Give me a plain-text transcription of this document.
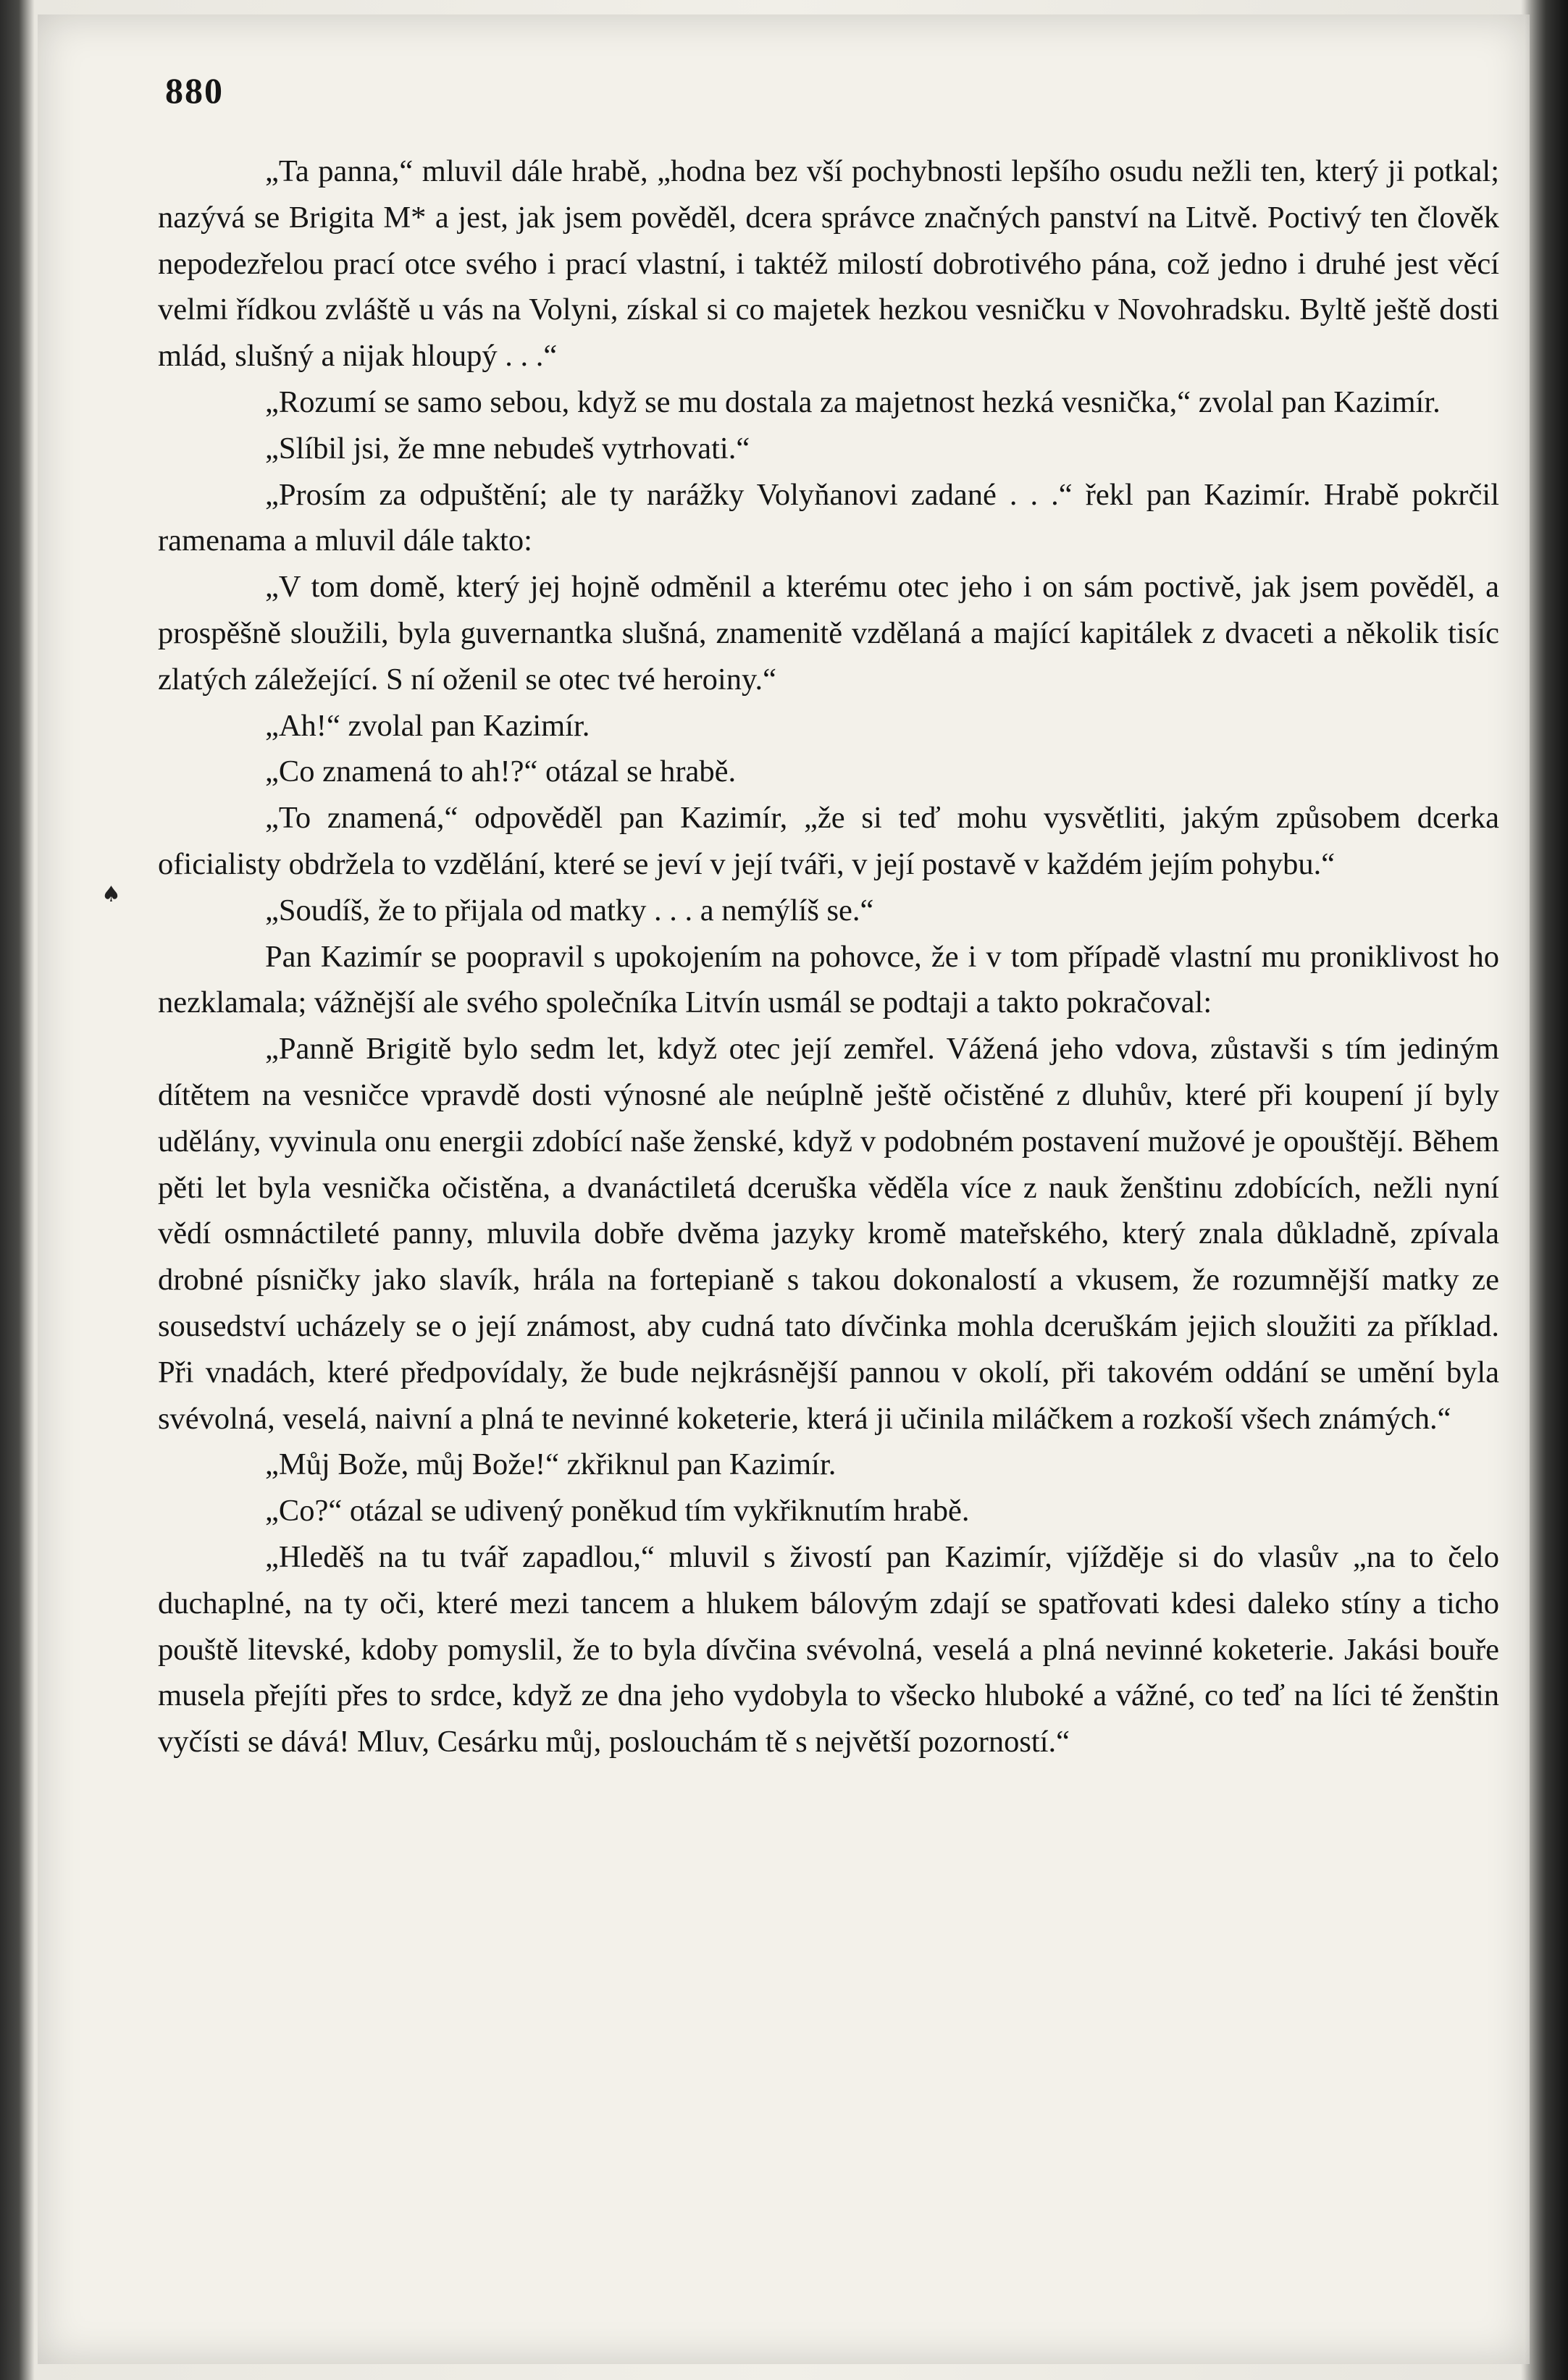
880
♠

„Ta panna,“ mluvil dále hrabě, „hodna bez vší pochybnosti lepšího osudu nežli ten, který ji potkal; nazývá se Brigita M* a jest, jak jsem pověděl, dcera správce značných panství na Litvě. Poctivý ten člověk nepodezřelou prací otce svého i prací vlastní, i taktéž milostí dobrotivého pána, což jedno i druhé jest věcí velmi řídkou zvláště u vás na Volyni, získal si co majetek hezkou vesničku v Novohradsku. Byltě ještě dosti mlád, slušný a nijak hloupý . . .“

„Rozumí se samo sebou, když se mu dostala za majetnost hezká vesnička,“ zvolal pan Kazimír.

„Slíbil jsi, že mne nebudeš vytrhovati.“

„Prosím za odpuštění; ale ty narážky Volyňanovi zadané . . .“ řekl pan Kazimír. Hrabě pokrčil ramenama a mluvil dále takto:

„V tom domě, který jej hojně odměnil a kterému otec jeho i on sám poctivě, jak jsem pověděl, a prospěšně sloužili, byla guvernantka slušná, znamenitě vzdělaná a mající kapitálek z dvaceti a několik tisíc zlatých záležející. S ní oženil se otec tvé heroiny.“

„Ah!“ zvolal pan Kazimír.

„Co znamená to ah!?“ otázal se hrabě.

„To znamená,“ odpověděl pan Kazimír, „že si teď mohu vysvětliti, jakým způsobem dcerka oficialisty obdržela to vzdělání, které se jeví v její tváři, v její postavě v každém jejím pohybu.“

„Soudíš, že to přijala od matky . . . a nemýlíš se.“

Pan Kazimír se poopravil s upokojením na pohovce, že i v tom případě vlastní mu proniklivost ho nezklamala; vážnější ale svého společníka Litvín usmál se podtaji a takto pokračoval:

„Panně Brigitě bylo sedm let, když otec její zemřel. Vážená jeho vdova, zůstavši s tím jediným dítětem na vesničce vpravdě dosti výnosné ale neúplně ještě očistěné z dluhův, které při koupení jí byly udělány, vyvinula onu energii zdobící naše ženské, když v podobném postavení mužové je opouštějí. Během pěti let byla vesnička očistěna, a dvanáctiletá dceruška věděla více z nauk ženštinu zdobících, nežli nyní vědí osmnáctileté panny, mluvila dobře dvěma jazyky kromě mateřského, který znala důkladně, zpívala drobné písničky jako slavík, hrála na fortepianě s takou dokonalostí a vkusem, že rozumnější matky ze sousedství ucházely se o její známost, aby cudná tato dívčinka mohla dceruškám jejich sloužiti za příklad. Při vnadách, které předpovídaly, že bude nejkrásnější pannou v okolí, při takovém oddání se umění byla svévolná, veselá, naivní a plná te nevinné koketerie, která ji učinila miláčkem a rozkoší všech známých.“

„Můj Bože, můj Bože!“ zkřiknul pan Kazimír.

„Co?“ otázal se udivený poněkud tím vykřiknutím hrabě.

„Hleděš na tu tvář zapadlou,“ mluvil s živostí pan Kazimír, vjížděje si do vlasův „na to čelo duchaplné, na ty oči, které mezi tancem a hlukem bálovým zdají se spatřovati kdesi daleko stíny a ticho pouště litevské, kdoby pomyslil, že to byla dívčina svévolná, veselá a plná nevinné koketerie. Jakási bouře musela přejíti přes to srdce, když ze dna jeho vydobyla to všecko hluboké a vážné, co teď na líci té ženštin vyčísti se dává! Mluv, Cesárku můj, poslouchám tě s největší pozorností.“
